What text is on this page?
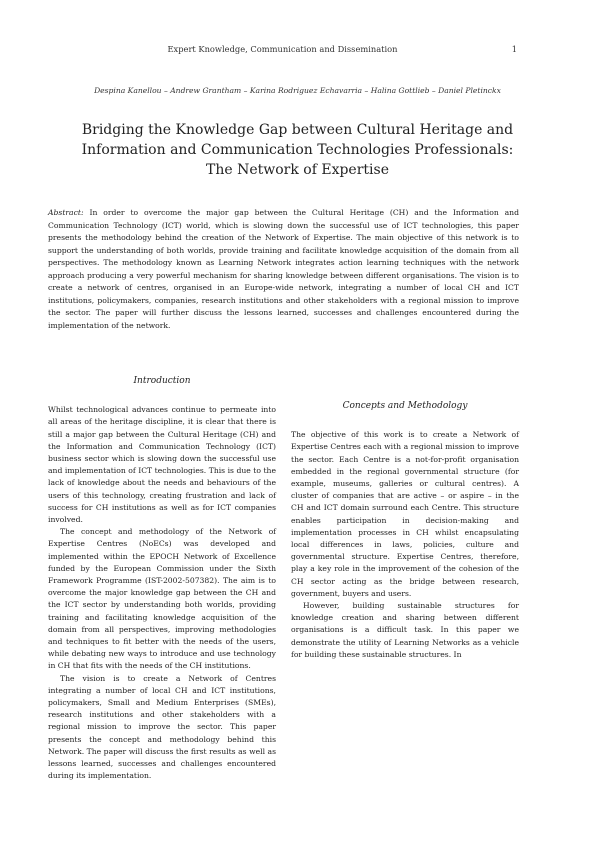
Expert Knowledge, Communication and Dissemination	1
Despina Kanellou – Andrew Grantham – Karina Rodriguez Echavarria – Halina Gottlieb – Daniel Pletinckx
Bridging the Knowledge Gap between Cultural Heritage and
Information and Communication Technologies Professionals:
The Network of Expertise

Abstract: In order to overcome the major gap between the Cultural Heritage (CH) and the Information and Communication Technology (ICT) world, which is slowing down the successful use of ICT technologies, this paper presents the methodology behind the creation of the Network of Expertise. The main objective of this network is to support the understanding of both worlds, provide training and facilitate knowledge acquisition of the domain from all perspectives. The methodology known as Learning Network integrates action learning techniques with the network approach producing a very powerful mechanism for sharing knowledge between different organisations. The vision is to create a network of centres, organised in an Europe-wide network, integrating a number of local CH and ICT institutions, policymakers, companies, research institutions and other stakeholders with a regional mission to improve the sector. The paper will further discuss the lessons learned, successes and challenges encountered during the implementation of the network.

Introduction

Whilst technological advances continue to permeate into all areas of the heritage discipline, it is clear that there is still a major gap between the Cultural Heritage (CH) and the Information and Communication Technology (ICT) business sector which is slowing down the successful use and implementation of ICT technologies. This is due to the lack of knowledge about the needs and behaviours of the users of this technology, creating frustration and lack of success for CH institutions as well as for ICT companies involved.

The concept and methodology of the Network of Expertise Centres (NoECs) was developed and implemented within the EPOCH Network of Excellence funded by the European Commission under the Sixth Framework Programme (IST-2002-507382). The aim is to overcome the major knowledge gap between the CH and the ICT sector by understanding both worlds, providing training and facilitating knowledge acquisition of the domain from all perspectives, improving methodologies and techniques to fit better with the needs of the users, while debating new ways to introduce and use technology in CH that fits with the needs of the CH institutions.

The vision is to create a Network of Centres integrating a number of local CH and ICT institutions, policymakers, Small and Medium Enterprises (SMEs), research institutions and other stakeholders with a regional mission to improve the sector. This paper presents the concept and methodology behind this Network. The paper will discuss the first results as well as lessons learned, successes and challenges encountered during its implementation.

Concepts and Methodology

The objective of this work is to create a Network of Expertise Centres each with a regional mission to improve the sector. Each Centre is a not-for-profit organisation embedded in the regional governmental structure (for example, museums, galleries or cultural centres). A cluster of companies that are active – or aspire – in the CH and ICT domain surround each Centre. This structure enables participation in decision-making and implementation processes in CH whilst encapsulating local differences in laws, policies, culture and governmental structure. Expertise Centres, therefore, play a key role in the improvement of the cohesion of the CH sector acting as the bridge between research, government, buyers and users.

However, building sustainable structures for knowledge creation and sharing between different organisations is a difficult task. In this paper we demonstrate the utility of Learning Networks as a vehicle for building these sustainable structures. In
